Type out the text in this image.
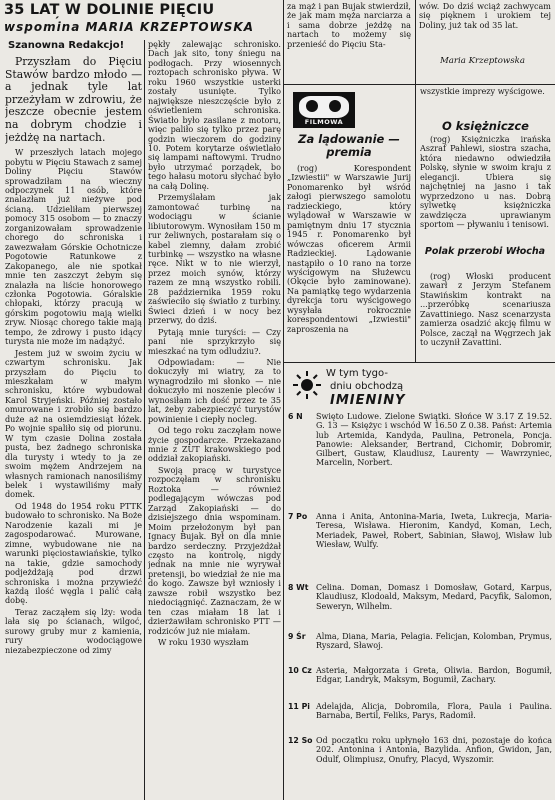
35 LAT W DOLINIE PIĘCIU
wspomina MARIA KRZEPTOWSKA
Szanowna Redakcjo!

Przyszłam do Pięciu Stawów bardzo młodo — a jednak tyle lat przeżyłam w zdrowiu, że jeszcze obecnie jestem na dobrym chodzie i jeżdżę na nartach.

W przeszłych latach mojego pobytu w Pięciu Stawach z samej Doliny Pięciu Stawów sprowadziłam na wieczny odpoczynek 11 osób, które znalazłam już nieżywe pod ścianą. Udzieliłam pierwszej pomocy 315 osobom — to znaczy zorganizowałam sprowadzenie chorego do schroniska i zawezwałam Górskie Ochotnicze Pogotowie Ratunkowe z Zakopanego, ale nie spotkał mnie ten zaszczyt żebym się znalazła na liście honorowego członka Pogotowia. Góralskie chłopaki, którzy pracują w górskim pogotowiu mają wielki zryw. Niosąc chorego takie mają tempo, że zdrowy i pusto idący turysta nie może im nadążyć.

Jestem już w swoim życiu w czwartym schronisku. Jak przyszłam do Pięciu to mieszkałam w małym schronisku, które wybudował Karol Stryjeński. Później zostało omurowane i zrobiło się bardzo duże aż na osiemdziesiąt łóżek. Po wojnie spaliło się od piorunu. W tym czasie Dolina została pusta, bez żadnego schroniska dla turysty i wtedy to ja ze swoim mężem Andrzejem na własnych ramionach nanosiliśmy belek i wystawiliśmy mały domek.

Od 1948 do 1954 roku PTTK budowało to schronisko. Na Boże Narodzenie kazali mi je zagospodarować. Murowane, zimne, wybudowane nie na warunki pięciostawiańskie, tylko na takie, gdzie samochody podjeżdżają pod drzwi schroniska i można przywieźć każdą ilość węgla i palić całą dobę.

Teraz zacząłem się lży: woda lała się po ścianach, wilgoć, surowy gruby mur z kamienia, rury wodociągowe niezabezpieczone od zimy

pękły zalewając schronisko. Dach jak sito, tony śniegu na podłogach. Przy wiosennych roztopach schronisko pływa. W roku 1960 wszystkie usterki zostały usunięte. Tylko największe nieszczęście było z oświetleniem schroniska. Światło było zasilane z motoru, więc paliło się tylko przez parę godzin wieczorem do godziny 10. Potem korytarze oświetlało się lampami naftowymi. Trudno było utrzymać porządek, bo tego hałasu motoru słychać było na całą Dolinę.

Przemyślałam jak zamontować turbinę na wodociągu w ścianie libiutorowym. Wynosiłam 150 m rur żeliwnych, postarałam się o kabel ziemny, dałam zrobić turbinkę — wszystko na własne ręce. Nikt w to nie wierzył, przez moich synów, którzy razem ze mną wszystko robili. 28 października 1959 roku zaświeciło się światło z turbiny. Świeci dzień i w nocy bez przerwy, do dziś.

Pytają mnie turyści: — Czy pani nie sprzykrzyło się mieszkać na tym odludziu?.

Odpowiadam: — Nie dokuczyły mi wiatry, za to wynagrodziło mi słonko — nie dokuczyło mi noszenie pleców i wynosiłam ich dość przez te 35 lat, żeby zabezpieczyć turystów powinienie i ciepły nocleg.

Od tego roku zaczęłam nowe życie gospodarcze. Przekazano mnie z ZUT krakowskiego pod oddział zakopiański.

Swoją pracę w turystyce rozpoczęłam w schronisku Roztoka — również podlegającym wówczas pod Zarząd Zakopiański — do dzisiejszego dnia wspominam. Moim przełożonym był pan Ignacy Bujak. Był on dla mnie bardzo serdeczny. Przyjeżdżał często na kontrolę, nigdy jednak na mnie nie wyrywał pretensji, bo wiedział że nie ma do kogo. Zawsze był wzniosły i zawsze robił wszystko bez niedociągnięć. Zaznaczam, że w ten czas miałam 18 lat i dzierżawiłam schronisko PTT — rodziców już nie miałam.

W roku 1930 wyszłam

za mąż i pan Bujak stwierdził, że jak mam męża narciarza a i sama dobrze jeżdżę na nartach to możemy się przenieść do Pięciu Sta-

wów. Do dziś wciąż zachwycam się pięknem i urokiem tej Doliny, już tak od 35 lat.

Maria Krzeptowska
FILMOWA
Za lądowanie — premia

(rog) Korespondent „Izwiestii" w Warszawie Jurij Ponomarenko był wśród załogi pierwszego samolotu radzieckiego, który wylądował w Warszawie w pamiętnym dniu 17 stycznia 1945 r. Ponomarenko był wówczas oficerem Armii Radzieckiej. Lądowanie nastąpiło o 10 rano na torze wyścigowym na Służewcu (Okęcie było zaminowane). Na pamiątkę tego wydarzenia dyrekcja toru wyścigowego wysyłała rokrocznie korespondentowi „Izwiestii" zaproszenia na

wszystkie imprezy wyścigowe.

O księżniczce

(rog) Księżniczka irańska Aszraf Pahlewi, siostra szacha, która niedawno odwiedziła Polskę, słynie w swoim kraju z elegancji. Ubiera się najchętniej na jasno i tak wyprzedzono u nas. Dobrą sylwetkę księżniczka zawdzięcza uprawianym sportom — pływaniu i tenisowi.

Polak przerobi Włocha

(rog) Włoski producent zawarł z Jerzym Stefanem Stawińskim kontrakt na ...przeróbkę scenariusza Zavattiniego. Nasz scenarzysta zamierza osadzić akcję filmu w Polsce, zaczął na Węgrzech jak to uczynił Zavattini.

W tym tygo-
dniu obchodzą
IMIENINY
6 N	Święto Ludowe. Zielone Świątki. Słońce W 3.17 Z 19.52. G. 13 — Księżyc i wschód W 16.50 Z 0.38. Państ: Artemia lub Artemida, Kandyda, Paulina, Petronela, Poncja. Panowie: Aleksander, Bertrand, Cichomir, Dobromir, Gilbert, Gustaw, Klaudiusz, Laurenty — Wawrzyniec, Marcelin, Norbert.
7 Po	Anna i Anita, Antonina-Maria, Iweta, Lukrecja, Maria-Teresa, Wisława. Hieronim, Kandyd, Koman, Lech, Meriadek, Paweł, Robert, Sabinian, Sławoj, Wisław lub Wiesław, Wulfy.
8 Wt Celina. Doman, Domasz i Domosław, Gotard, Karpus, Klaudiusz, Klodoald, Maksym, Medard, Pacyfik, Salomon, Seweryn, Wilhelm.
9 Śr	Alma, Diana, Maria, Pelagia. Felicjan, Kolomban, Prymus, Ryszard, Sławoj.
10 Cz Asteria, Małgorzata i Greta, Oliwia. Bardon, Bogumił, Edgar, Landryk, Maksym, Bogumił, Zachary.
11 Pi Adelajda, Alicja, Dobromila, Flora, Paula i Paulina. Barnaba, Bertil, Feliks, Parys, Radomił.
12 So Od początku roku upłynęło 163 dni, pozostaje do końca 202. Antonina i Antonia, Bazylida. Anfion, Gwidon, Jan, Odulf, Olimpiusz, Onufry, Placyd, Wyszomir.
